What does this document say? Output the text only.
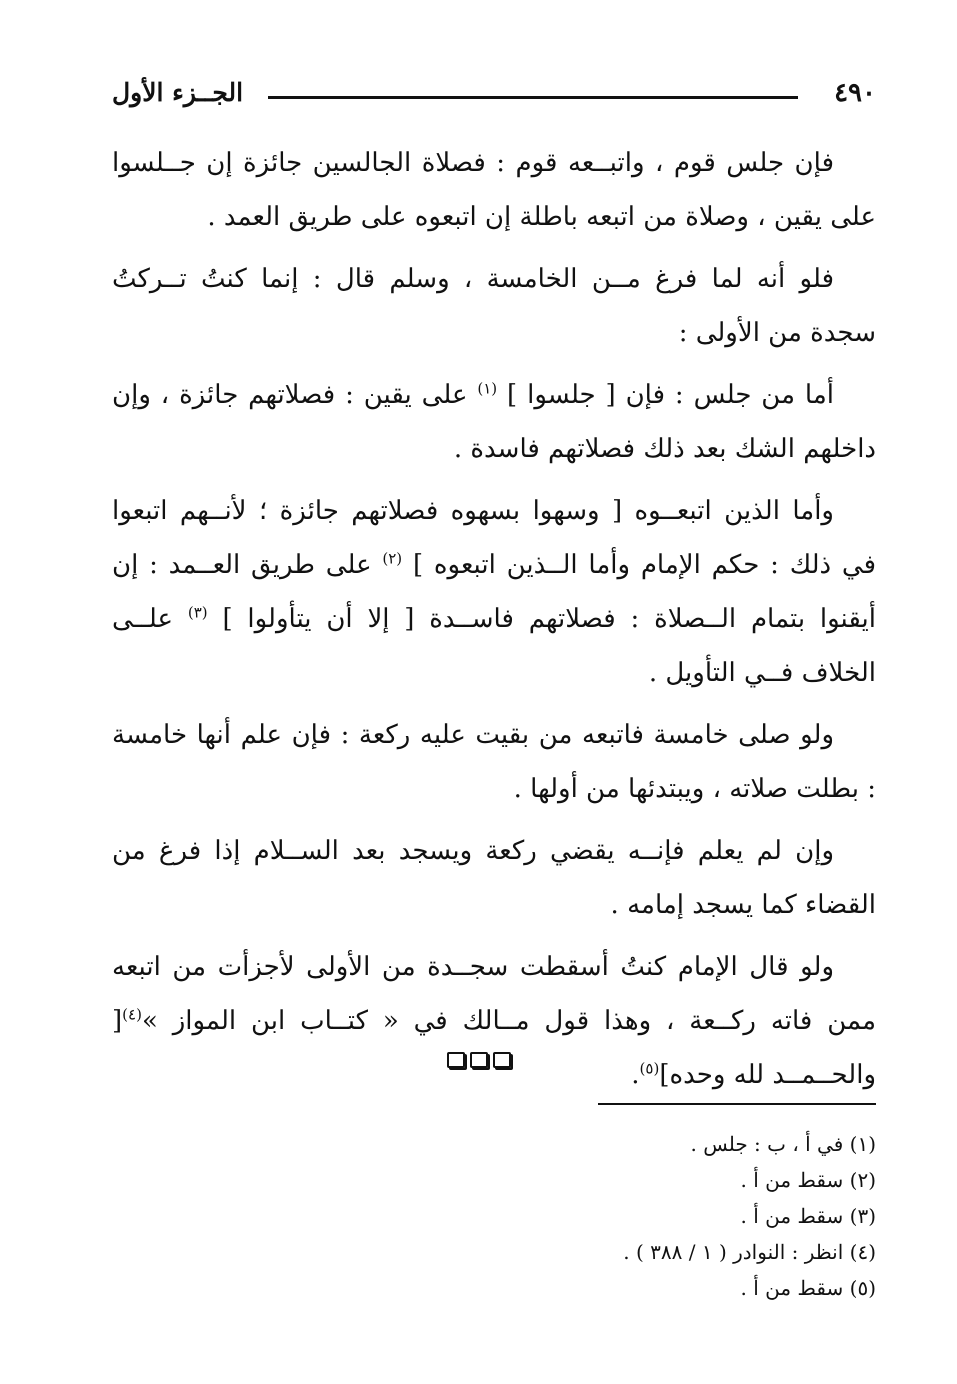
٤٩٠
الجــزء الأول

فإن جلس قوم ، واتبــعه قوم : فصلاة الجالسين جائزة إن جــلسوا على يقين ، وصلاة من اتبعه باطلة إن اتبعوه على طريق العمد .

فلو أنه لما فرغ مــن الخامسة ، وسلم قال : إنما كنتُ تــركتُ سجدة من الأولى :

أما من جلس : فإن [ جلسوا ] $^{(١)}$ على يقين : فصلاتهم جائزة ، وإن داخلهم الشك بعد ذلك فصلاتهم فاسدة .

وأما الذين اتبعــوه [ وسهوا بسهوه فصلاتهم جائزة ؛ لأنــهم اتبعوا في ذلك : حكم الإمام وأما الــذين اتبعوه ] $^{(٢)}$ على طريق العــمد : إن أيقنوا بتمام الــصلاة : فصلاتهم فاســدة [ إلا أن يتأولوا ] $^{(٣)}$ علــى الخلاف فــي التأويل .

ولو صلى خامسة فاتبعه من بقيت عليه ركعة : فإن علم أنها خامسة : بطلت صلاته ، ويبتدئها من أولها .

وإن لم يعلم فإنــه يقضي ركعة ويسجد بعد الســلام إذا فرغ من القضاء كما يسجد إمامه .

ولو قال الإمام كنتُ أسقطت سجــدة من الأولى لأجزأت من اتبعه ممن فاته ركــعة ، وهذا قول مــالك في « كتــاب ابن المواز »$^{(٤)}$[ والحــمــد لله وحده]$^{(٥)}$.

(١) في أ ، ب : جلس .
(٢) سقط من أ .
(٣) سقط من أ .
(٤) انظر : النوادر ( ١ / ٣٨٨ ) .
(٥) سقط من أ .
